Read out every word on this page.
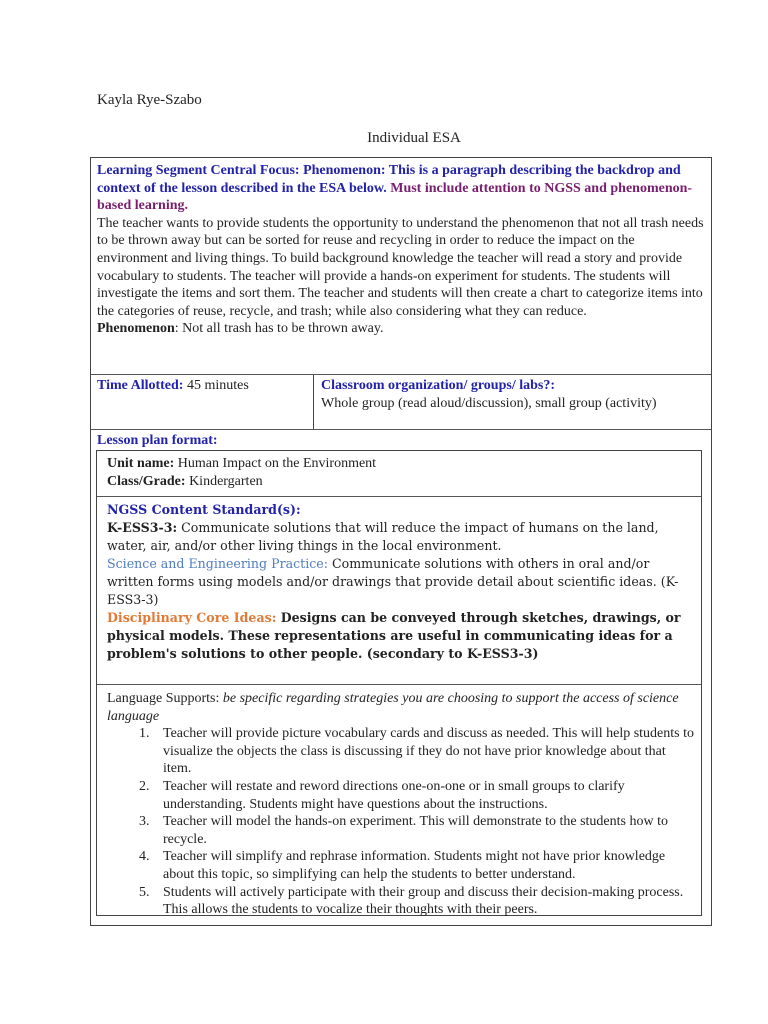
Kayla Rye-Szabo
Individual ESA
Learning Segment Central Focus: Phenomenon: This is a paragraph describing the backdrop and context of the lesson described in the ESA below. Must include attention to NGSS and phenomenon-based learning.
The teacher wants to provide students the opportunity to understand the phenomenon that not all trash needs to be thrown away but can be sorted for reuse and recycling in order to reduce the impact on the environment and living things. To build background knowledge the teacher will read a story and provide vocabulary to students. The teacher will provide a hands-on experiment for students. The students will investigate the items and sort them. The teacher and students will then create a chart to categorize items into the categories of reuse, recycle, and trash; while also considering what they can reduce.
Phenomenon: Not all trash has to be thrown away.
Time Allotted: 45 minutes	Classroom organization/ groups/ labs?:
Whole group (read aloud/discussion), small group (activity)
Lesson plan format:
Unit name: Human Impact on the Environment
Class/Grade: Kindergarten
NGSS Content Standard(s):
K-ESS3-3: Communicate solutions that will reduce the impact of humans on the land, water, air, and/or other living things in the local environment.
Science and Engineering Practice: Communicate solutions with others in oral and/or written forms using models and/or drawings that provide detail about scientific ideas. (K-ESS3-3)
Disciplinary Core Ideas: Designs can be conveyed through sketches, drawings, or physical models. These representations are useful in communicating ideas for a problem's solutions to other people. (secondary to K-ESS3-3)
Language Supports: be specific regarding strategies you are choosing to support the access of science language
1. Teacher will provide picture vocabulary cards and discuss as needed. This will help students to visualize the objects the class is discussing if they do not have prior knowledge about that item.
2. Teacher will restate and reword directions one-on-one or in small groups to clarify understanding. Students might have questions about the instructions.
3. Teacher will model the hands-on experiment. This will demonstrate to the students how to recycle.
4. Teacher will simplify and rephrase information. Students might not have prior knowledge about this topic, so simplifying can help the students to better understand.
5. Students will actively participate with their group and discuss their decision-making process. This allows the students to vocalize their thoughts with their peers.
